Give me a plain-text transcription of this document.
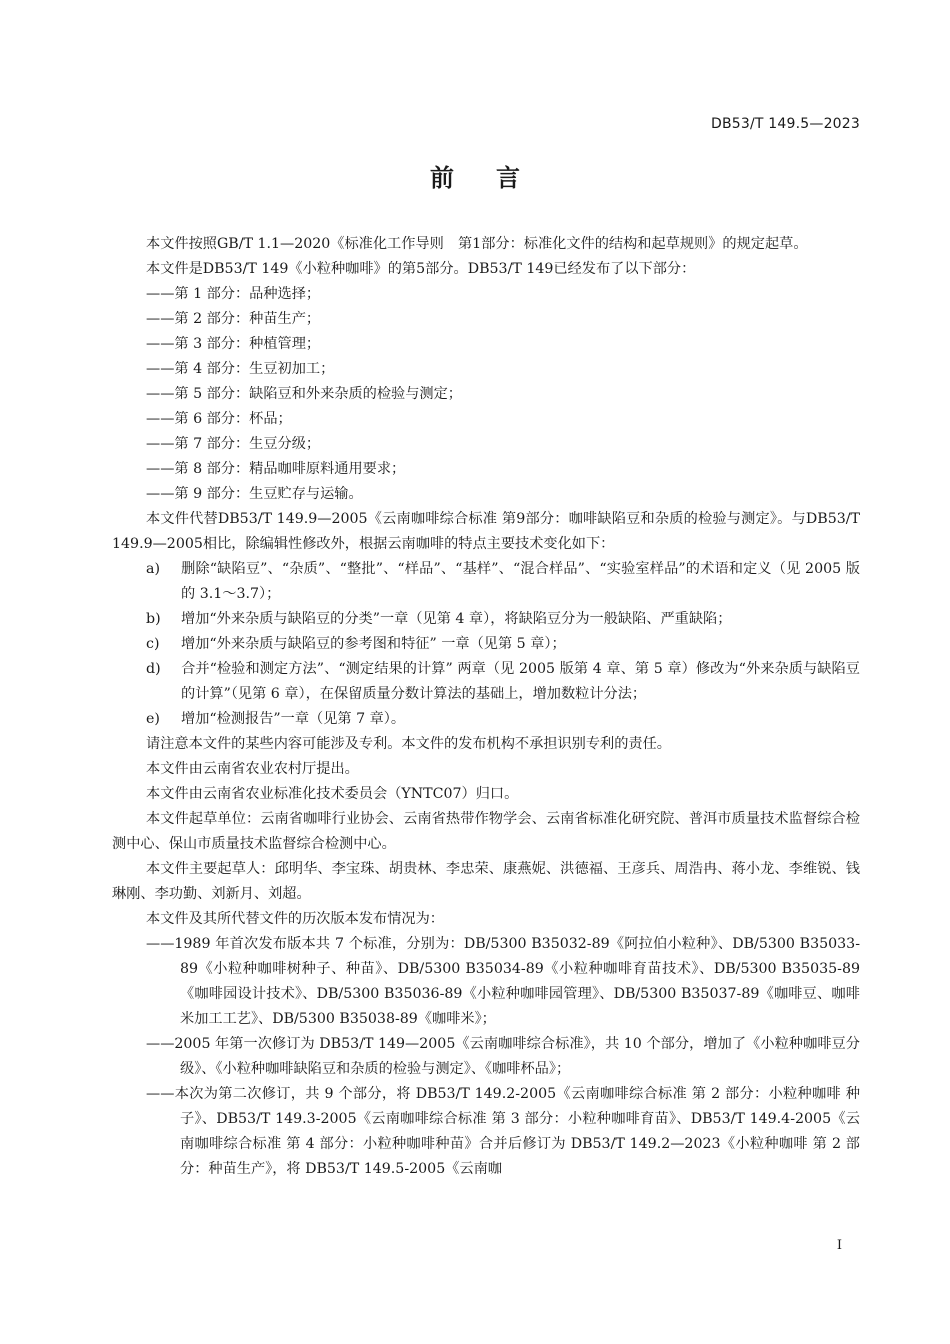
DB53/T 149.5—2023
前言

本文件按照GB/T 1.1—2020《标准化工作导则　第1部分：标准化文件的结构和起草规则》的规定起草。

本文件是DB53/T 149《小粒种咖啡》的第5部分。DB53/T 149已经发布了以下部分：

——第 1 部分：品种选择；

——第 2 部分：种苗生产；

——第 3 部分：种植管理；

——第 4 部分：生豆初加工；

——第 5 部分：缺陷豆和外来杂质的检验与测定；

——第 6 部分：杯品；

——第 7 部分：生豆分级；

——第 8 部分：精品咖啡原料通用要求；

——第 9 部分：生豆贮存与运输。

本文件代替DB53/T 149.9—2005《云南咖啡综合标准 第9部分：咖啡缺陷豆和杂质的检验与测定》。与DB53/T 149.9—2005相比，除编辑性修改外，根据云南咖啡的特点主要技术变化如下：

a) 删除“缺陷豆”、“杂质”、“整批”、“样品”、“基样”、“混合样品”、“实验室样品”的术语和定义（见 2005 版的 3.1～3.7）；

b) 增加“外来杂质与缺陷豆的分类”一章（见第 4 章），将缺陷豆分为一般缺陷、严重缺陷；

c) 增加“外来杂质与缺陷豆的参考图和特征” 一章（见第 5 章）；

d) 合并“检验和测定方法”、“测定结果的计算” 两章（见 2005 版第 4 章、第 5 章）修改为“外来杂质与缺陷豆的计算”（见第 6 章），在保留质量分数计算法的基础上，增加数粒计分法；

e) 增加“检测报告”一章（见第 7 章）。

请注意本文件的某些内容可能涉及专利。本文件的发布机构不承担识别专利的责任。

本文件由云南省农业农村厅提出。

本文件由云南省农业标准化技术委员会（YNTC07）归口。

本文件起草单位：云南省咖啡行业协会、云南省热带作物学会、云南省标准化研究院、普洱市质量技术监督综合检测中心、保山市质量技术监督综合检测中心。

本文件主要起草人：邱明华、李宝珠、胡贵林、李忠荣、康燕妮、洪德福、王彦兵、周浩冉、蒋小龙、李维锐、钱琳刚、李功勤、刘新月、刘超。

本文件及其所代替文件的历次版本发布情况为：

——1989 年首次发布版本共 7 个标准，分别为：DB/5300 B35032-89《阿拉伯小粒种》、DB/5300 B35033-89《小粒种咖啡树种子、种苗》、DB/5300 B35034-89《小粒种咖啡育苗技术》、DB/5300 B35035-89《咖啡园设计技术》、DB/5300 B35036-89《小粒种咖啡园管理》、DB/5300 B35037-89《咖啡豆、咖啡米加工工艺》、DB/5300 B35038-89《咖啡米》；

——2005 年第一次修订为 DB53/T 149—2005《云南咖啡综合标准》，共 10 个部分，增加了《小粒种咖啡豆分级》、《小粒种咖啡缺陷豆和杂质的检验与测定》、《咖啡杯品》；

——本次为第二次修订，共 9 个部分，将 DB53/T 149.2-2005《云南咖啡综合标准 第 2 部分：小粒种咖啡 种子》、DB53/T 149.3-2005《云南咖啡综合标准 第 3 部分：小粒种咖啡育苗》、DB53/T 149.4-2005《云南咖啡综合标准 第 4 部分：小粒种咖啡种苗》合并后修订为 DB53/T 149.2—2023《小粒种咖啡 第 2 部分：种苗生产》，将 DB53/T 149.5-2005《云南咖

I
